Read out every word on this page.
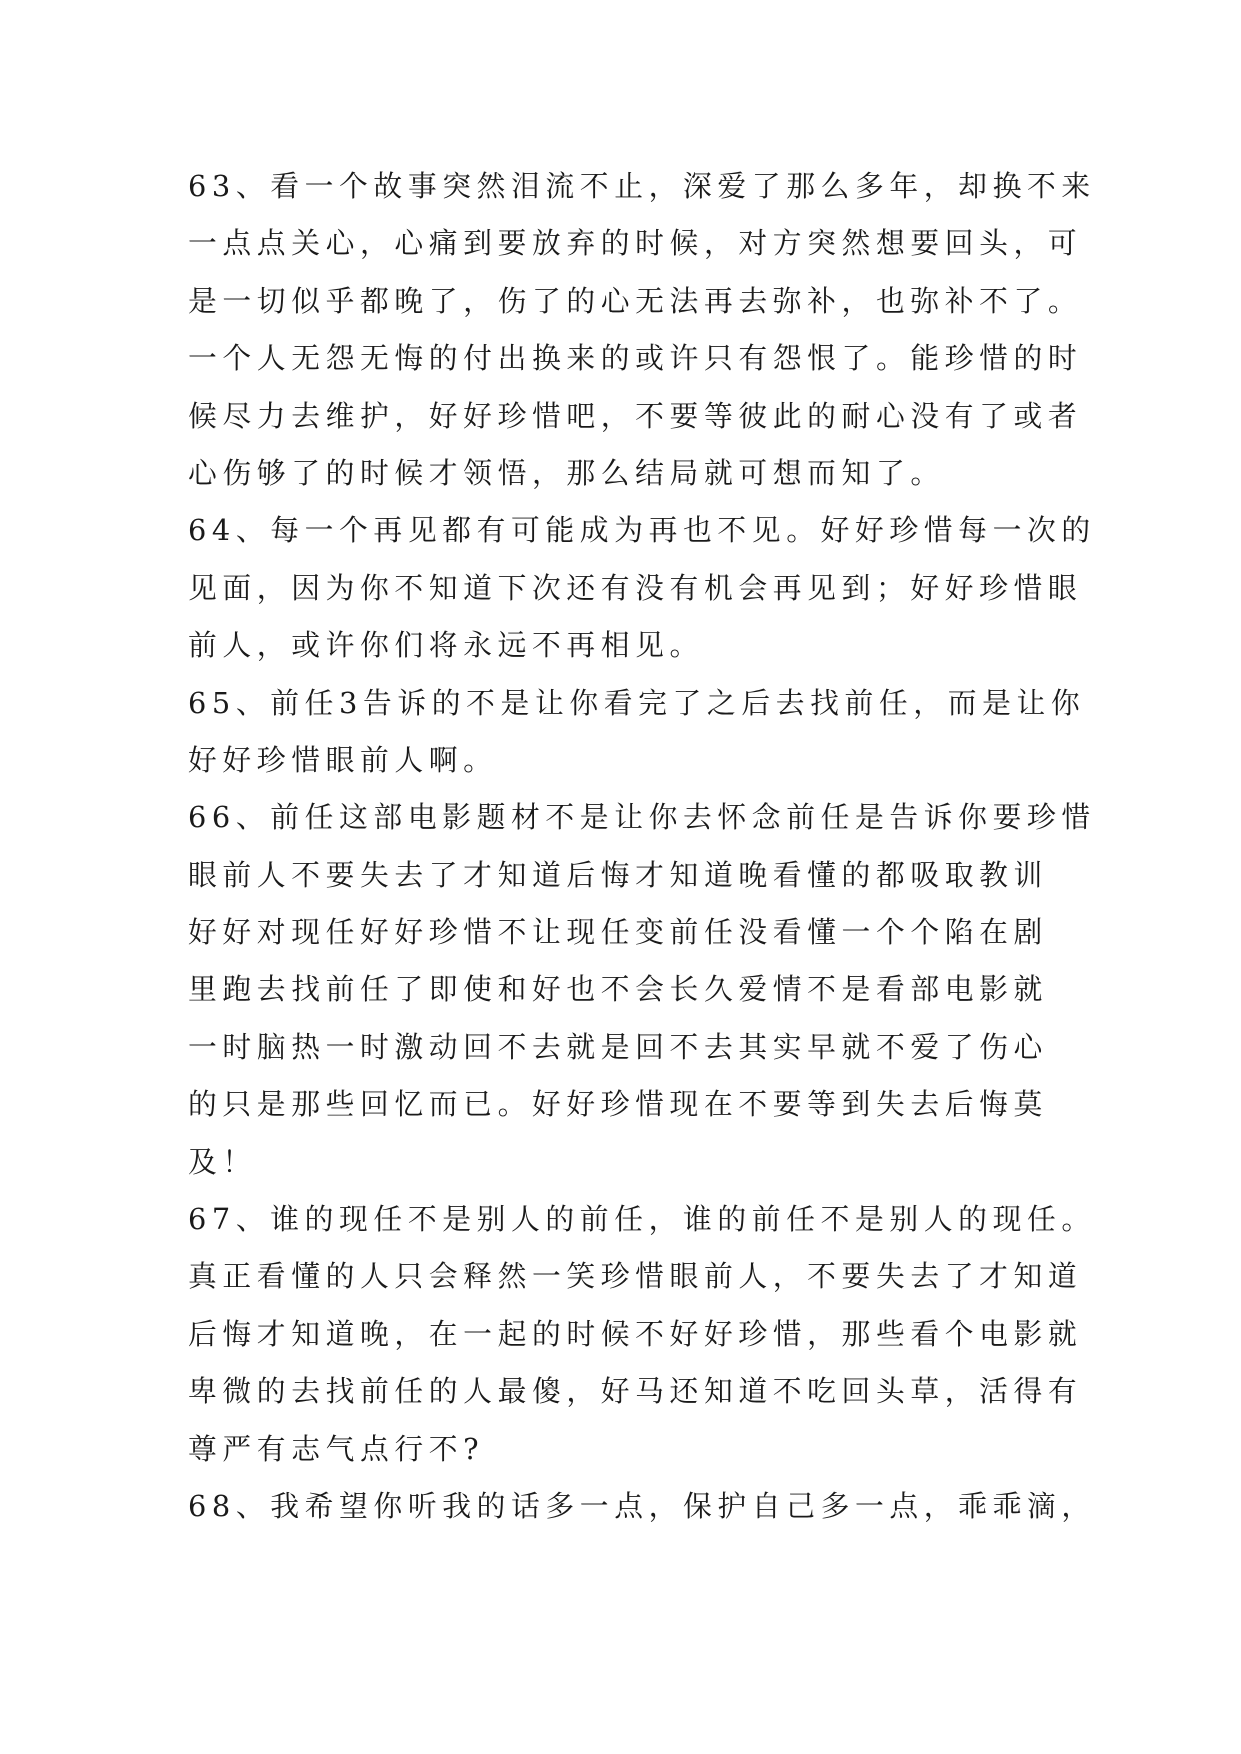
63、看一个故事突然泪流不止，深爱了那么多年，却换不来
一点点关心，心痛到要放弃的时候，对方突然想要回头，可
是一切似乎都晚了，伤了的心无法再去弥补，也弥补不了。
一个人无怨无悔的付出换来的或许只有怨恨了。能珍惜的时
候尽力去维护，好好珍惜吧，不要等彼此的耐心没有了或者
心伤够了的时候才领悟，那么结局就可想而知了。
64、每一个再见都有可能成为再也不见。好好珍惜每一次的
见面，因为你不知道下次还有没有机会再见到；好好珍惜眼
前人，或许你们将永远不再相见。
65、前任3告诉的不是让你看完了之后去找前任，而是让你
好好珍惜眼前人啊。
66、前任这部电影题材不是让你去怀念前任是告诉你要珍惜
眼前人不要失去了才知道后悔才知道晚看懂的都吸取教训
好好对现任好好珍惜不让现任变前任没看懂一个个陷在剧
里跑去找前任了即使和好也不会长久爱情不是看部电影就
一时脑热一时激动回不去就是回不去其实早就不爱了伤心
的只是那些回忆而已。好好珍惜现在不要等到失去后悔莫
及！
67、谁的现任不是别人的前任，谁的前任不是别人的现任。
真正看懂的人只会释然一笑珍惜眼前人，不要失去了才知道
后悔才知道晚，在一起的时候不好好珍惜，那些看个电影就
卑微的去找前任的人最傻，好马还知道不吃回头草，活得有
尊严有志气点行不?
68、我希望你听我的话多一点，保护自己多一点，乖乖滴，
